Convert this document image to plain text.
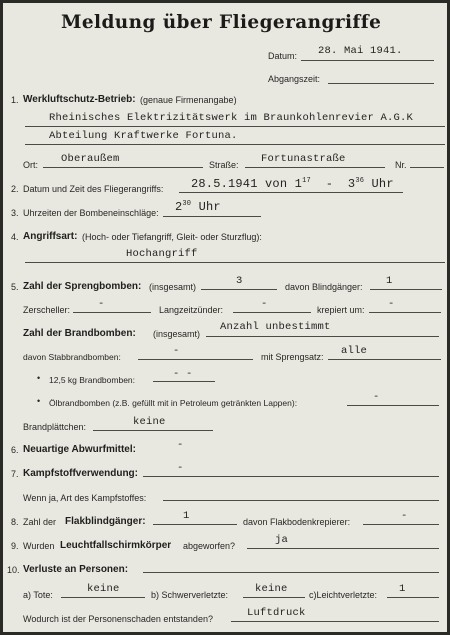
Meldung über Fliegerangriffe
Datum: 28. Mai 1941.
Abgangszeit:
1. Werkluftschutz-Betrieb: (genaue Firmenangabe)
Rheinisches Elektrizitätswerk im Braunkohlenrevier A.G.K
Abteilung Kraftwerke Fortuna.
Ort: Oberaußem	Straße: Fortunastraße	Nr.
2. Datum und Zeit des Fliegerangriffs: 28.5.1941 von $1^{17} - 3^{36}$ Uhr
3. Uhrzeiten der Bombeneinschläge: $2^{30}$ Uhr
4. Angriffsart: (Hoch- oder Tiefangriff, Gleit- oder Sturzflug):
Hochangriff
5. Zahl der Sprengbomben: (insgesamt)	3	davon Blindgänger: 1
Zerscheller:	-	Langzeitzünder:	-	krepiert um: -
Zahl der Brandbomben: (insgesamt)
Anzahl unbestimmt
davon Stabbrandbomben:	-	mit Sprengsatz: alle
• 12,5 kg Brandbomben:	- -
• Ölbrandbomben (z.B. gefüllt mit in Petroleum getränkten Lappen):	-
Brandplättchen:	keine
6. Neuartige Abwurfmittel:	-
7. Kampfstoffverwendung:	-
Wenn ja, Art des Kampfstoffes:
8. Zahl der Flakblindgänger:	1	davon Flakbodenkrepierer:	-
9. Wurden Leuchtfallschirmkörper abgeworfen?	ja
10. Verluste an Personen:
a) Tote:	keine	b) Schwerverletzte:	keine c)Leichtverletzte: 1
Wodurch ist der Personenschaden entstanden?	Luftdruck
